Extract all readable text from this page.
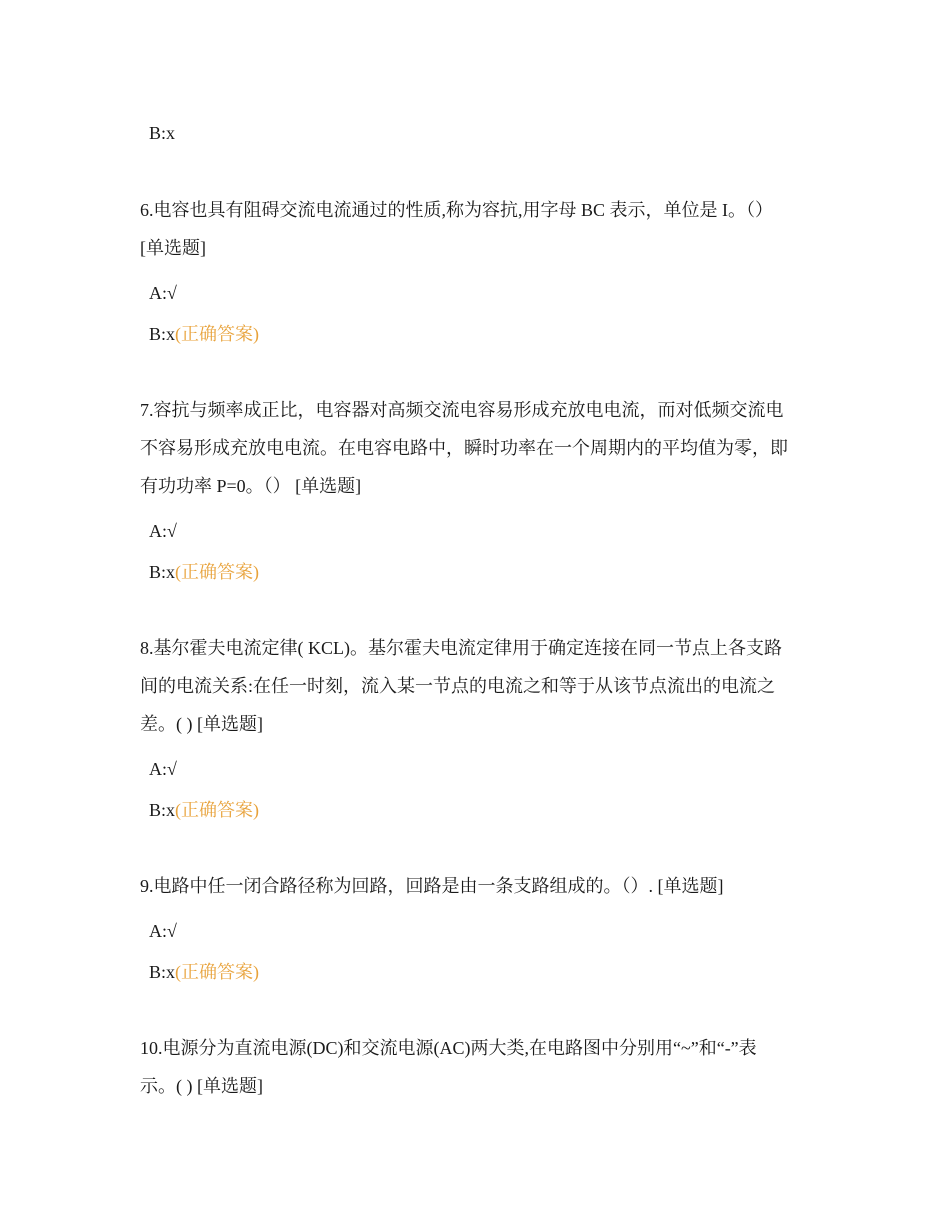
B:x
6.电容也具有阻碍交流电流通过的性质,称为容抗,用字母 BC 表示，单位是 I。（）
[单选题]
A:√
B:x(正确答案)
7.容抗与频率成正比，电容器对高频交流电容易形成充放电电流，而对低频交流电
不容易形成充放电电流。在电容电路中，瞬时功率在一个周期内的平均值为零，即
有功功率 P=0。（） [单选题]
A:√
B:x(正确答案)
8.基尔霍夫电流定律( KCL)。基尔霍夫电流定律用于确定连接在同一节点上各支路
间的电流关系:在任一时刻，流入某一节点的电流之和等于从该节点流出的电流之
差。( ) [单选题]
A:√
B:x(正确答案)
9.电路中任一闭合路径称为回路，回路是由一条支路组成的。（）. [单选题]
A:√
B:x(正确答案)
10.电源分为直流电源(DC)和交流电源(AC)两大类,在电路图中分别用“~”和“-”表
示。( ) [单选题]
